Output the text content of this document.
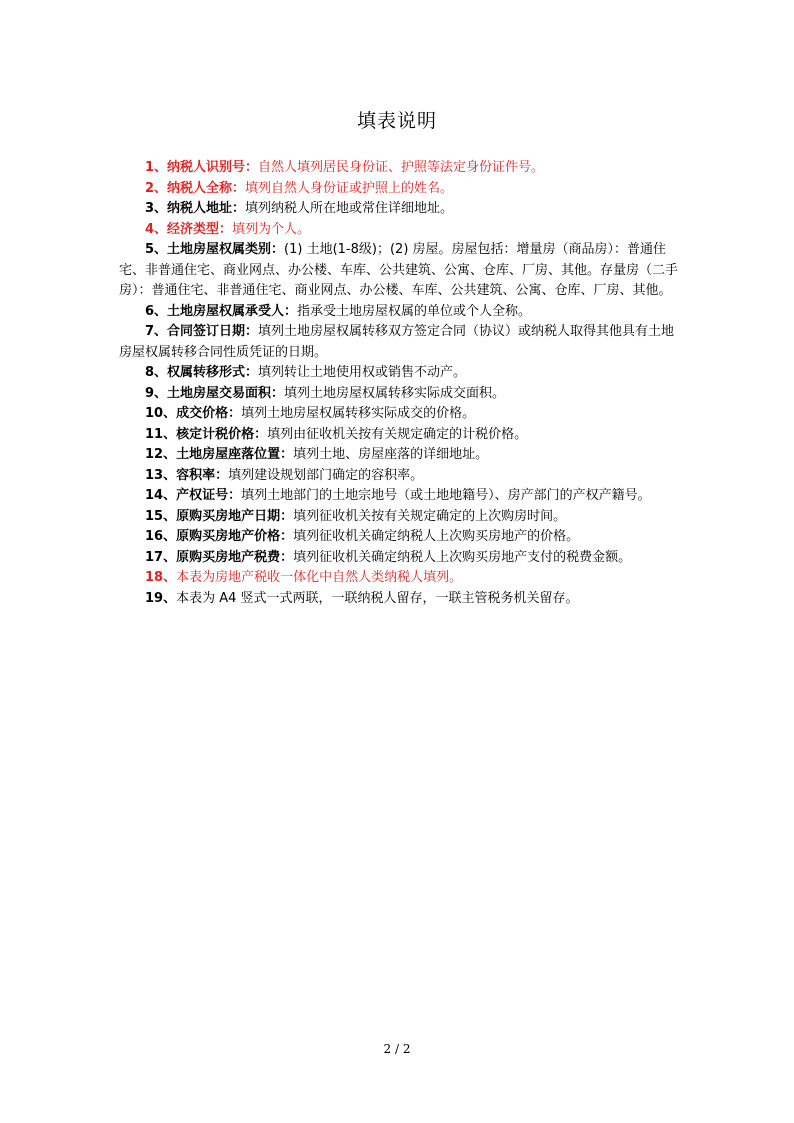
填表说明

1、纳税人识别号：自然人填列居民身份证、护照等法定身份证件号。

2、纳税人全称：填列自然人身份证或护照上的姓名。

3、纳税人地址：填列纳税人所在地或常住详细地址。

4、经济类型：填列为个人。

5、土地房屋权属类别：(1) 土地(1-8级)；(2) 房屋。房屋包括：增量房（商品房）：普通住宅、非普通住宅、商业网点、办公楼、车库、公共建筑、公寓、仓库、厂房、其他。存量房（二手房）：普通住宅、非普通住宅、商业网点、办公楼、车库、公共建筑、公寓、仓库、厂房、其他。

6、土地房屋权属承受人：指承受土地房屋权属的单位或个人全称。

7、合同签订日期：填列土地房屋权属转移双方签定合同（协议）或纳税人取得其他具有土地房屋权属转移合同性质凭证的日期。

8、权属转移形式：填列转让土地使用权或销售不动产。

9、土地房屋交易面积：填列土地房屋权属转移实际成交面积。

10、成交价格：填列土地房屋权属转移实际成交的价格。

11、核定计税价格：填列由征收机关按有关规定确定的计税价格。

12、土地房屋座落位置：填列土地、房屋座落的详细地址。

13、容积率：填列建设规划部门确定的容积率。

14、产权证号：填列土地部门的土地宗地号（或土地地籍号）、房产部门的产权产籍号。

15、原购买房地产日期：填列征收机关按有关规定确定的上次购房时间。

16、原购买房地产价格：填列征收机关确定纳税人上次购买房地产的价格。

17、原购买房地产税费：填列征收机关确定纳税人上次购买房地产支付的税费金额。

18、本表为房地产税收一体化中自然人类纳税人填列。

19、本表为 A4 竖式一式两联，一联纳税人留存，一联主管税务机关留存。

2 / 2
